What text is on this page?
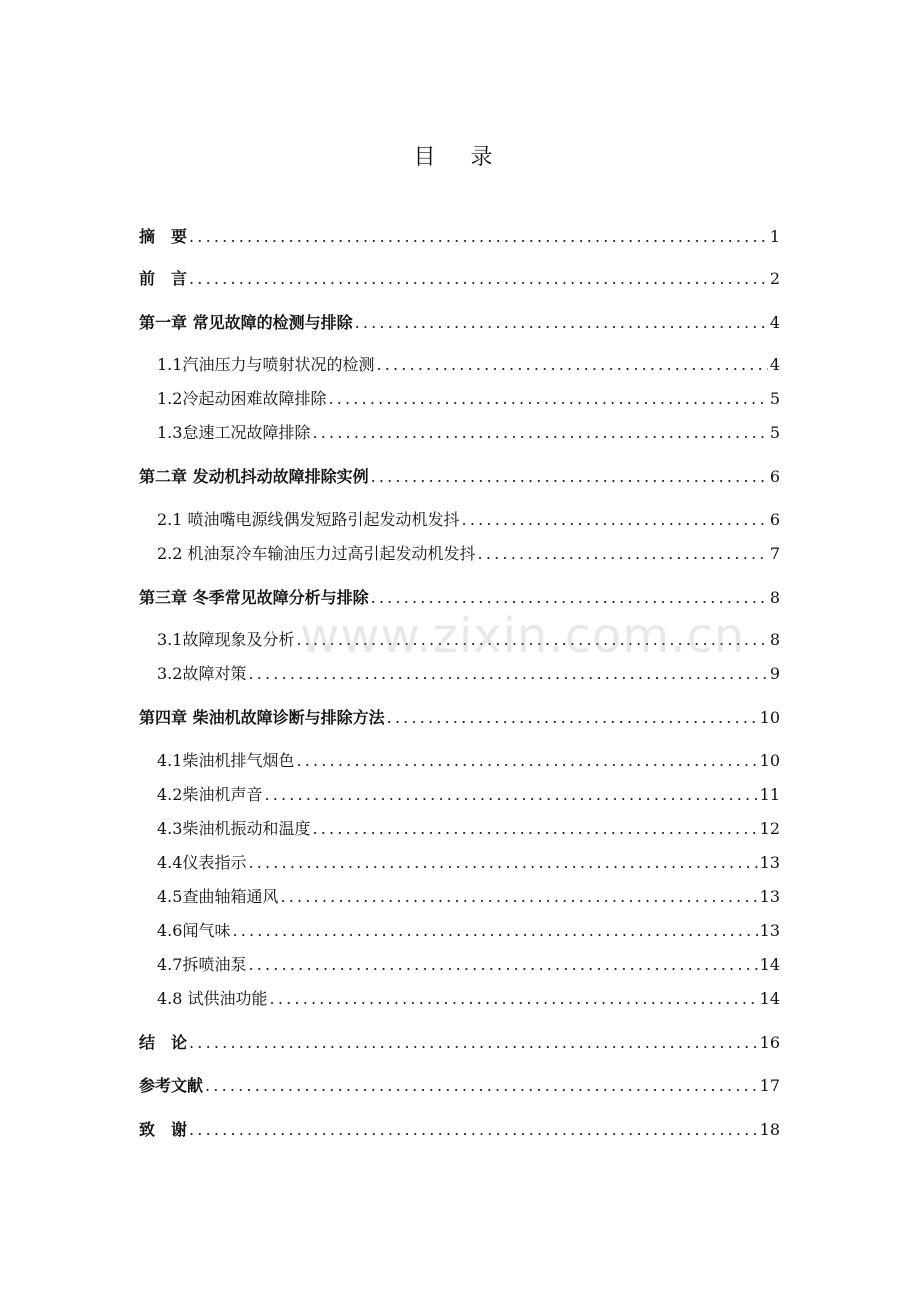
目 录
摘　要 .....	1
前　言 .....	2
第一章 常见故障的检测与排除 .....	4
1.1汽油压力与喷射状况的检测 .....	4
1.2冷起动困难故障排除 .....	5
1.3怠速工况故障排除 .....	5
第二章 发动机抖动故障排除实例 .....	6
2.1 喷油嘴电源线偶发短路引起发动机发抖 .....	6
2.2 机油泵冷车输油压力过高引起发动机发抖 .....	7
第三章 冬季常见故障分析与排除 .....	8
3.1故障现象及分析 .....	8
3.2故障对策 .....	9
第四章 柴油机故障诊断与排除方法 .....	10
4.1柴油机排气烟色 .....	10
4.2柴油机声音 .....	11
4.3柴油机振动和温度 .....	12
4.4仪表指示 .....	13
4.5查曲轴箱通风 .....	13
4.6闻气味 .....	13
4.7拆喷油泵 .....	14
4.8 试供油功能 .....	14
结　论 .....	16
参考文献 .....	17
致　谢 .....	18
www.zixin.com.cn
